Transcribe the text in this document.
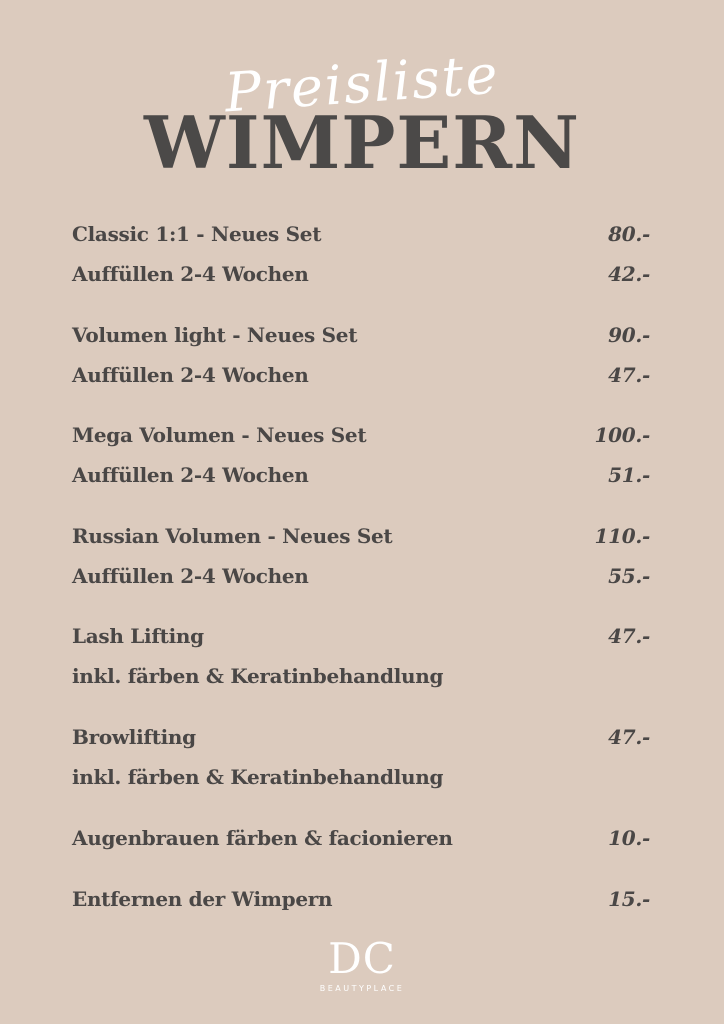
Preisliste
WIMPERN
Classic 1:1 - Neues Set	80.-
Auffüllen 2-4 Wochen	42.-
Volumen light - Neues Set	90.-
Auffüllen 2-4 Wochen	47.-
Mega Volumen - Neues Set	100.-
Auffüllen 2-4 Wochen	51.-
Russian Volumen - Neues Set	110.-
Auffüllen 2-4 Wochen	55.-
Lash Lifting	47.-
inkl. färben & Keratinbehandlung
Browlifting	47.-
inkl. färben & Keratinbehandlung
Augenbrauen färben & facionieren	10.-
Entfernen der Wimpern	15.-
DC
BEAUTYPLACE
